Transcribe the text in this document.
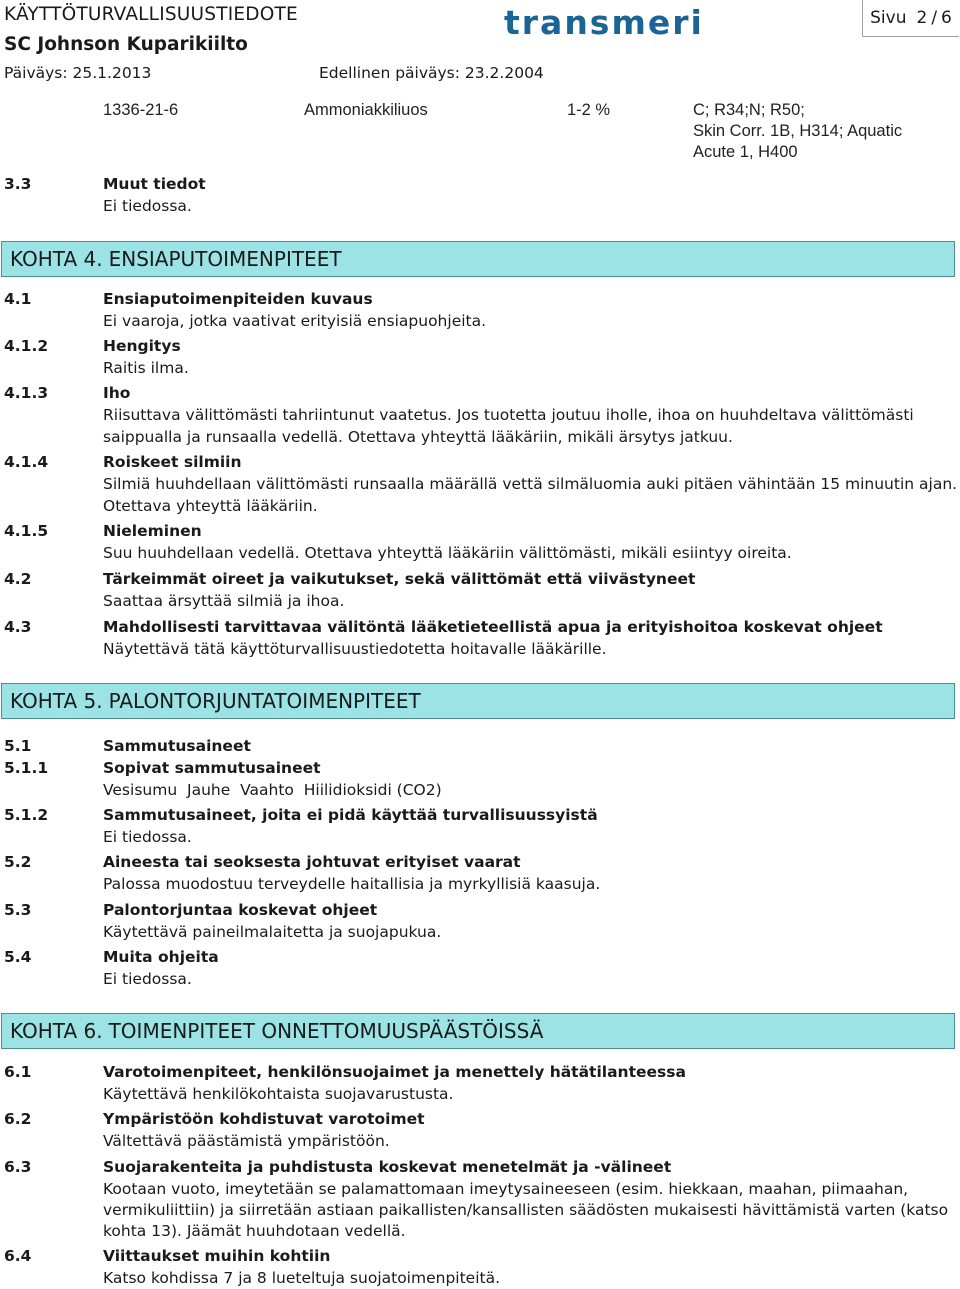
KÄYTTÖTURVALLISUUSTIEDOTE
SC Johnson Kuparikiilto
Päiväys: 25.1.2013	Edellinen päiväys: 23.2.2004
transmeri	Sivu 2 / 6
1336-21-6	Ammoniakkiliuos	1-2 %	C; R34;N; R50;
Skin Corr. 1B, H314; Aquatic
Acute 1, H400
3.3	Muut tiedot
Ei tiedossa.
KOHTA 4. ENSIAPUTOIMENPITEET
4.1	Ensiaputoimenpiteiden kuvaus
Ei vaaroja, jotka vaativat erityisiä ensiapuohjeita.
4.1.2	Hengitys
Raitis ilma.
4.1.3	Iho
Riisuttava välittömästi tahriintunut vaatetus. Jos tuotetta joutuu iholle, ihoa on huuhdeltava välittömästi
saippualla ja runsaalla vedellä. Otettava yhteyttä lääkäriin, mikäli ärsytys jatkuu.
4.1.4	Roiskeet silmiin
Silmiä huuhdellaan välittömästi runsaalla määrällä vettä silmäluomia auki pitäen vähintään 15 minuutin ajan.
Otettava yhteyttä lääkäriin.
4.1.5	Nieleminen
Suu huuhdellaan vedellä. Otettava yhteyttä lääkäriin välittömästi, mikäli esiintyy oireita.
4.2	Tärkeimmät oireet ja vaikutukset, sekä välittömät että viivästyneet
Saattaa ärsyttää silmiä ja ihoa.
4.3	Mahdollisesti tarvittavaa välitöntä lääketieteellistä apua ja erityishoitoa koskevat ohjeet
Näytettävä tätä käyttöturvallisuustiedotetta hoitavalle lääkärille.
KOHTA 5. PALONTORJUNTATOIMENPITEET
5.1	Sammutusaineet
5.1.1	Sopivat sammutusaineet
Vesisumu  Jauhe  Vaahto  Hiilidioksidi (CO2)
5.1.2	Sammutusaineet, joita ei pidä käyttää turvallisuussyistä
Ei tiedossa.
5.2	Aineesta tai seoksesta johtuvat erityiset vaarat
Palossa muodostuu terveydelle haitallisia ja myrkyllisiä kaasuja.
5.3	Palontorjuntaa koskevat ohjeet
Käytettävä paineilmalaitetta ja suojapukua.
5.4	Muita ohjeita
Ei tiedossa.
KOHTA 6. TOIMENPITEET ONNETTOMUUSPÄÄSTÖISSÄ
6.1	Varotoimenpiteet, henkilönsuojaimet ja menettely hätätilanteessa
Käytettävä henkilökohtaista suojavarustusta.
6.2	Ympäristöön kohdistuvat varotoimet
Vältettävä päästämistä ympäristöön.
6.3	Suojarakenteita ja puhdistusta koskevat menetelmät ja -välineet
Kootaan vuoto, imeytetään se palamattomaan imeytysaineeseen (esim. hiekkaan, maahan, piimaahan,
vermikuliittiin) ja siirretään astiaan paikallisten/kansallisten säädösten mukaisesti hävittämistä varten (katso
kohta 13). Jäämät huuhdotaan vedellä.
6.4	Viittaukset muihin kohtiin
Katso kohdissa 7 ja 8 lueteltuja suojatoimenpiteitä.
